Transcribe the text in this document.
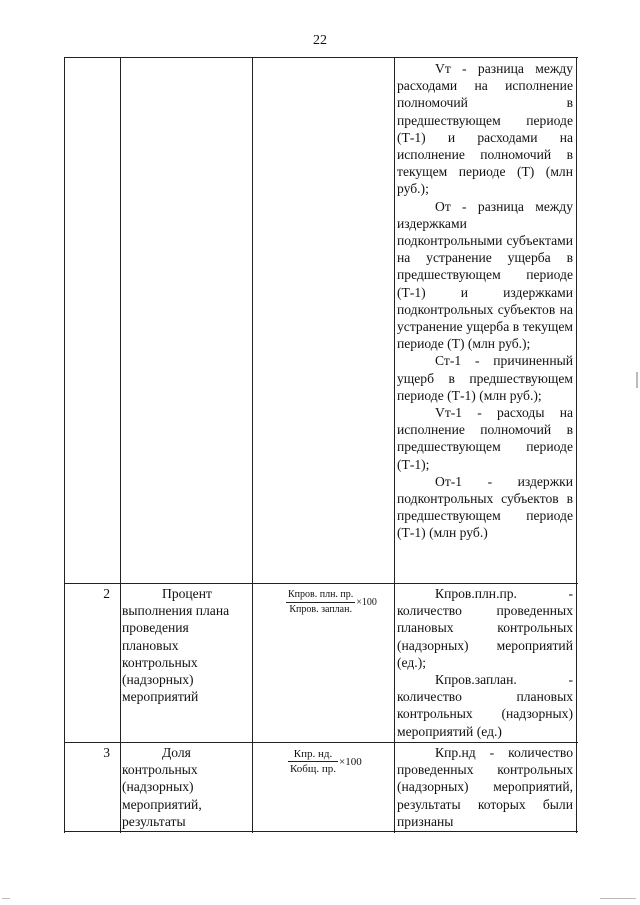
22

Vт - разница между расходами на исполнение полномочий в предшествующем периоде (Т-1) и расходами на исполнение полномочий в текущем периоде (Т) (млн руб.);

От - разница между издержками подконтрольными субъектами на устранение ущерба в предшествующем периоде (Т-1) и издержками подконтрольных субъектов на устранение ущерба в текущем периоде (Т) (млн руб.);

Ст-1 - причиненный ущерб в предшествующем периоде (Т-1) (млн руб.);

Vт-1 - расходы на исполнение полномочий в предшествующем периоде (Т-1);

От-1 - издержки подконтрольных субъектов в предшествующем периоде (Т-1) (млн руб.)

2	Процент

выполнения плана проведения плановых контрольных (надзорных) мероприятий

$\frac{\text{Кпров. плн. пр.}}{\text{Кпров. заплан.}} \times 100$

Кпров.плн.пр. - количество проведенных плановых контрольных (надзорных) мероприятий (ед.);

Кпров.заплан. - количество плановых контрольных (надзорных) мероприятий (ед.)

3	Доля

контрольных (надзорных) мероприятий, результаты

$\frac{\text{Кпр. нд.}}{\text{Кобщ. пр.}} \times 100$

Кпр.нд - количество проведенных контрольных (надзорных) мероприятий, результаты которых были признаны
